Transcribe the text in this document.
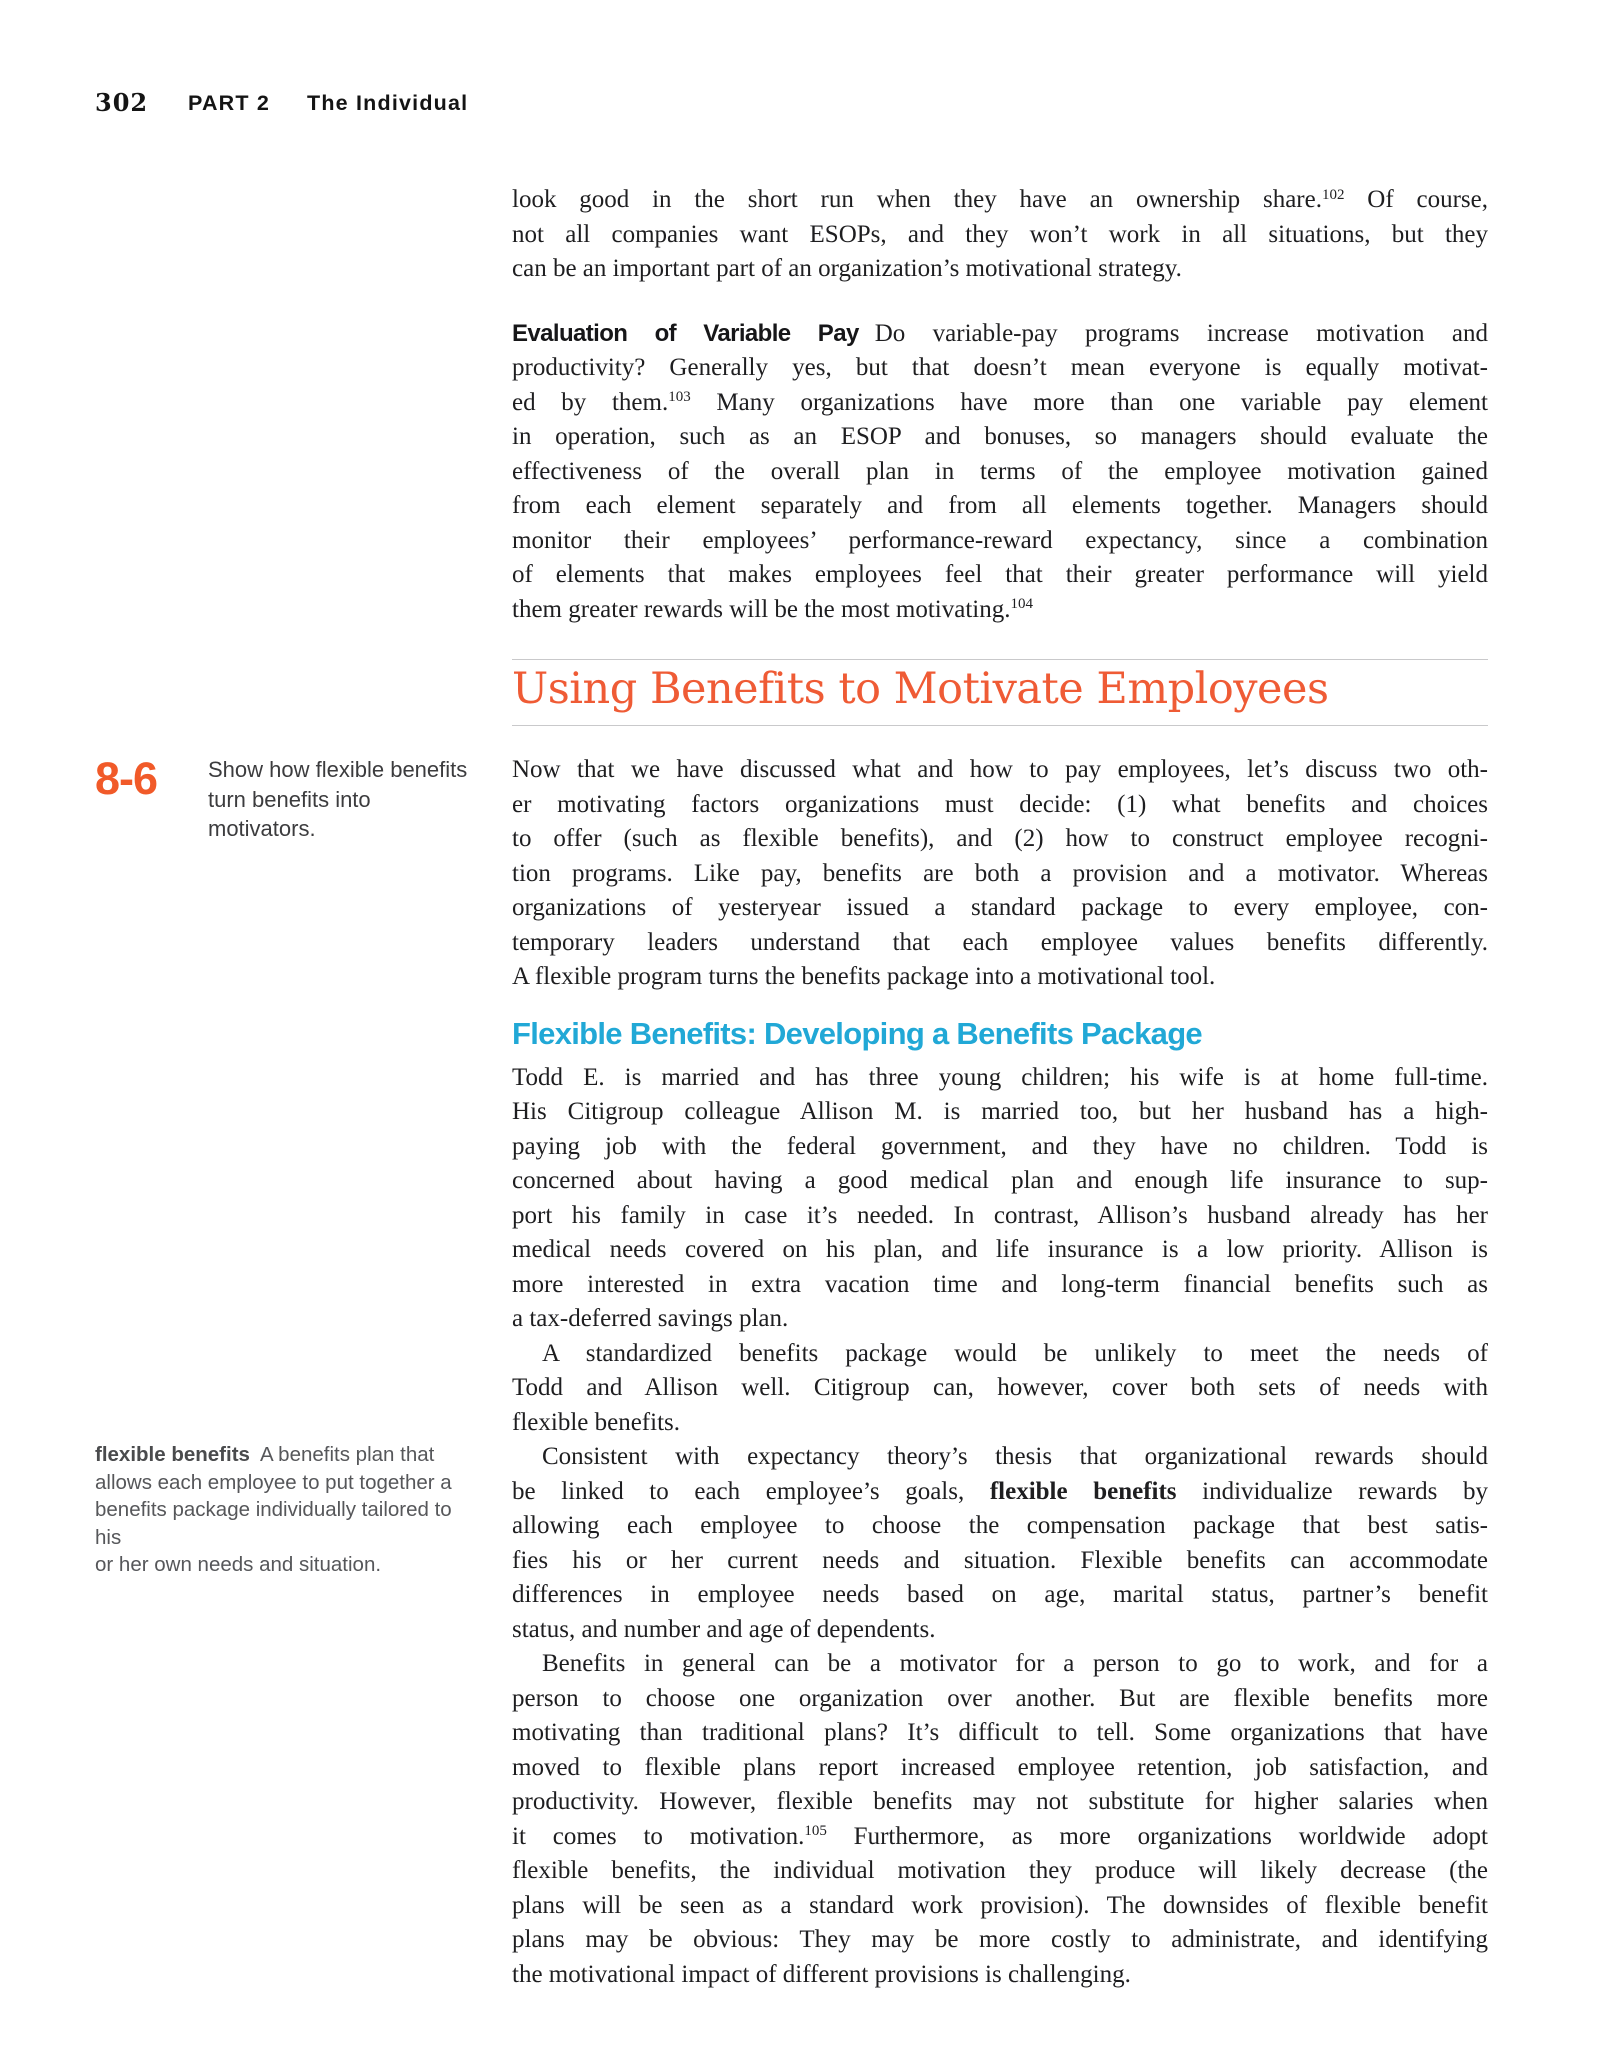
302 PART 2 The Individual
8-6 Show how flexible benefits
turn benefits into
motivators.
flexible benefits A benefits plan that
allows each employee to put together a
benefits package individually tailored to his
or her own needs and situation.
look good in the short run when they have an ownership share.$^{102}$ Of course,
not all companies want ESOPs, and they won’t work in all situations, but they
can be an important part of an organization’s motivational strategy.
Evaluation of Variable Pay Do variable-pay programs increase motivation and
productivity? Generally yes, but that doesn’t mean everyone is equally motivat-
ed by them.$^{103}$ Many organizations have more than one variable pay element
in operation, such as an ESOP and bonuses, so managers should evaluate the
effectiveness of the overall plan in terms of the employee motivation gained
from each element separately and from all elements together. Managers should
monitor their employees’ performance-reward expectancy, since a combination
of elements that makes employees feel that their greater performance will yield
them greater rewards will be the most motivating.$^{104}$
Using Benefits to Motivate Employees
Now that we have discussed what and how to pay employees, let’s discuss two oth-
er motivating factors organizations must decide: (1) what benefits and choices
to offer (such as flexible benefits), and (2) how to construct employee recogni-
tion programs. Like pay, benefits are both a provision and a motivator. Whereas
organizations of yesteryear issued a standard package to every employee, con-
temporary leaders understand that each employee values benefits differently.
A flexible program turns the benefits package into a motivational tool.
Flexible Benefits: Developing a Benefits Package
Todd E. is married and has three young children; his wife is at home full-time.
His Citigroup colleague Allison M. is married too, but her husband has a high-
paying job with the federal government, and they have no children. Todd is
concerned about having a good medical plan and enough life insurance to sup-
port his family in case it’s needed. In contrast, Allison’s husband already has her
medical needs covered on his plan, and life insurance is a low priority. Allison is
more interested in extra vacation time and long-term financial benefits such as
a tax-deferred savings plan.
A standardized benefits package would be unlikely to meet the needs of
Todd and Allison well. Citigroup can, however, cover both sets of needs with
flexible benefits.
Consistent with expectancy theory’s thesis that organizational rewards should
be linked to each employee’s goals, flexible benefits individualize rewards by
allowing each employee to choose the compensation package that best satis-
fies his or her current needs and situation. Flexible benefits can accommodate
differences in employee needs based on age, marital status, partner’s benefit
status, and number and age of dependents.
Benefits in general can be a motivator for a person to go to work, and for a
person to choose one organization over another. But are flexible benefits more
motivating than traditional plans? It’s difficult to tell. Some organizations that have
moved to flexible plans report increased employee retention, job satisfaction, and
productivity. However, flexible benefits may not substitute for higher salaries when
it comes to motivation.$^{105}$ Furthermore, as more organizations worldwide adopt
flexible benefits, the individual motivation they produce will likely decrease (the
plans will be seen as a standard work provision). The downsides of flexible benefit
plans may be obvious: They may be more costly to administrate, and identifying
the motivational impact of different provisions is challenging.
